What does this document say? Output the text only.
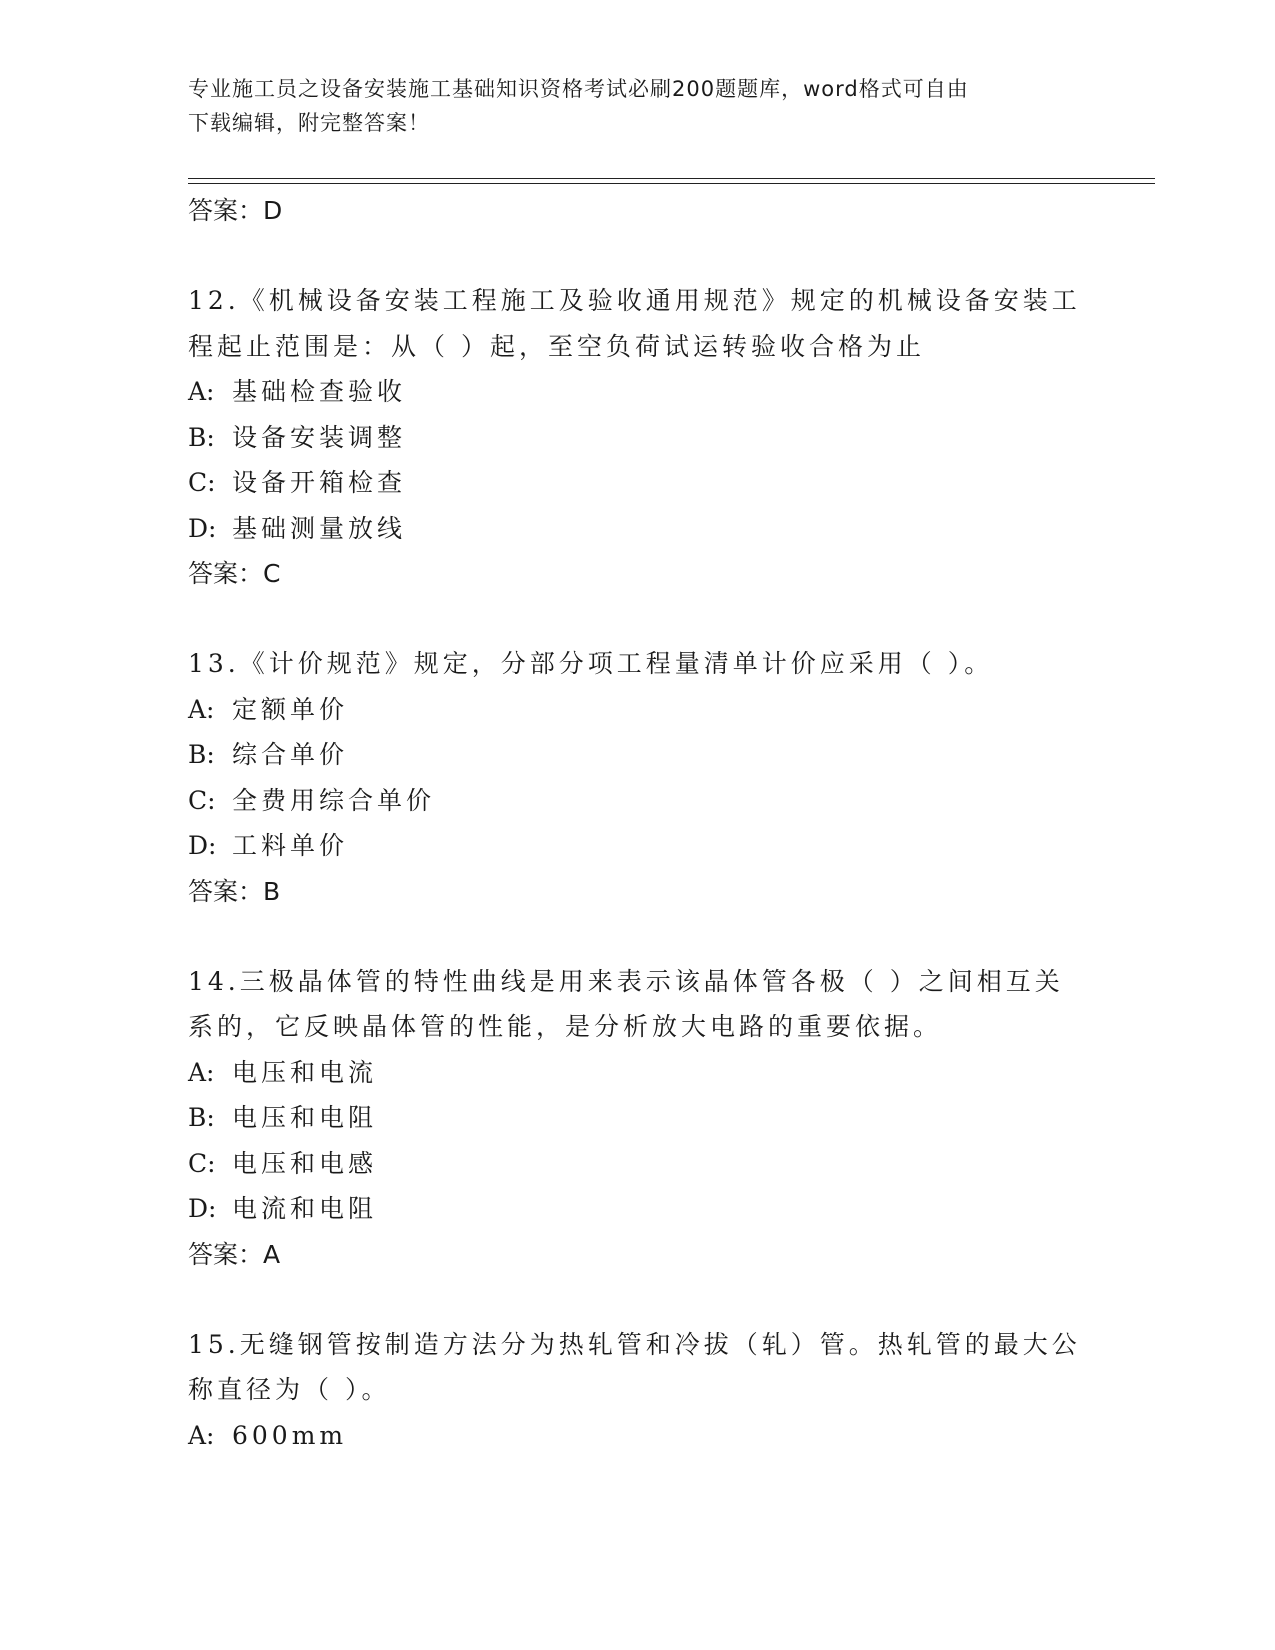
专业施工员之设备安装施工基础知识资格考试必刷200题题库，word格式可自由
下载编辑，附完整答案！
答案：D
12.《机械设备安装工程施工及验收通用规范》规定的机械设备安装工
程起止范围是：从（ ）起，至空负荷试运转验收合格为止
A: 基础检查验收
B: 设备安装调整
C: 设备开箱检查
D: 基础测量放线
答案：C
13.《计价规范》规定，分部分项工程量清单计价应采用（ ）。
A: 定额单价
B: 综合单价
C: 全费用综合单价
D: 工料单价
答案：B
14.三极晶体管的特性曲线是用来表示该晶体管各极（ ）之间相互关
系的，它反映晶体管的性能，是分析放大电路的重要依据。
A: 电压和电流
B: 电压和电阻
C: 电压和电感
D: 电流和电阻
答案：A
15.无缝钢管按制造方法分为热轧管和冷拔（轧）管。热轧管的最大公
称直径为（ ）。
A: 600mm
